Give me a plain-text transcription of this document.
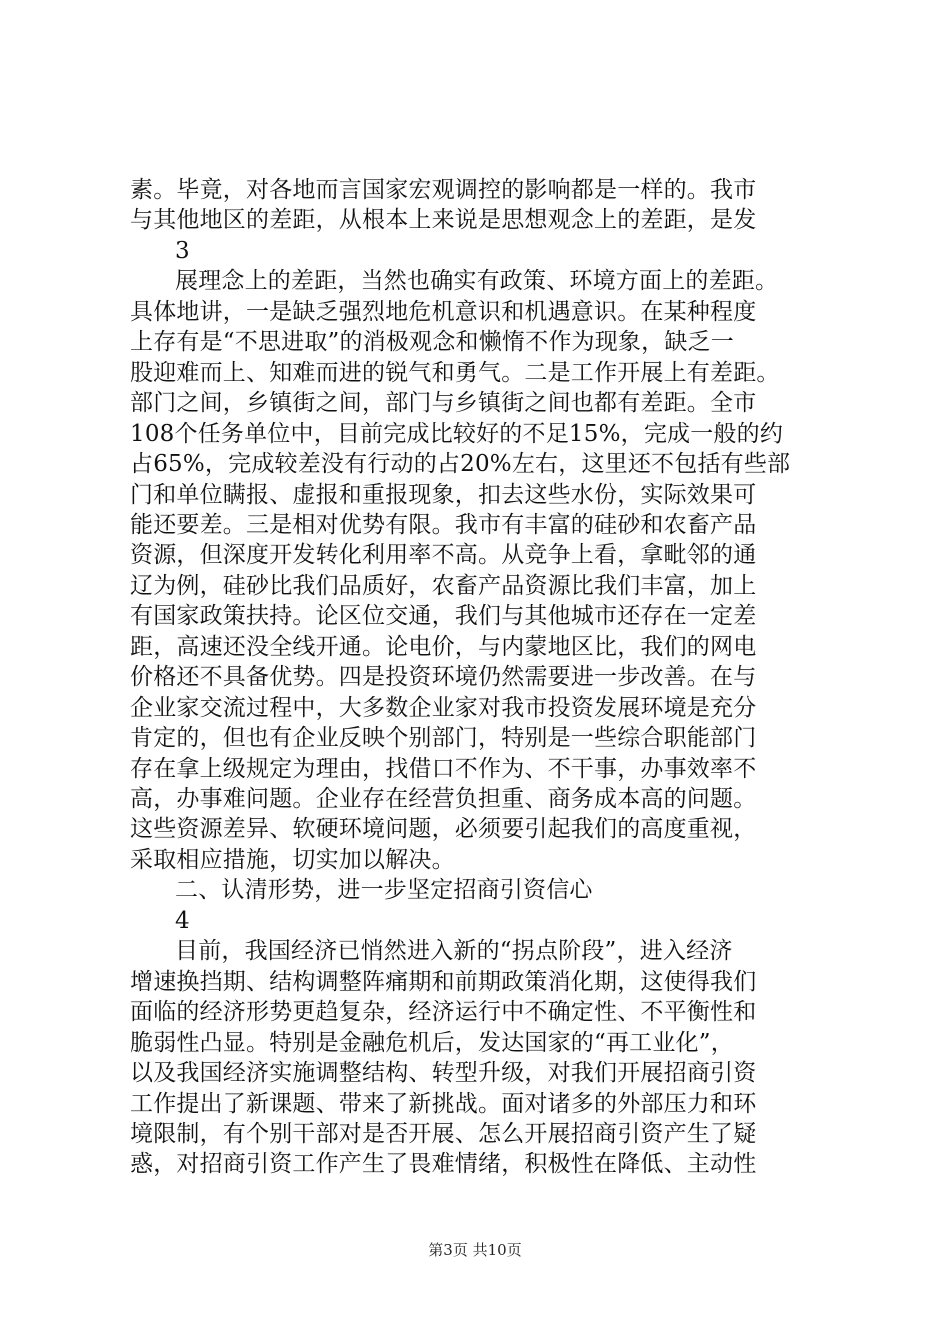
素。毕竟，对各地而言国家宏观调控的影响都是一样的。我市
与其他地区的差距，从根本上来说是思想观念上的差距，是发
3
展理念上的差距，当然也确实有政策、环境方面上的差距。
具体地讲，一是缺乏强烈地危机意识和机遇意识。在某种程度
上存有是“不思进取”的消极观念和懒惰不作为现象，缺乏一
股迎难而上、知难而进的锐气和勇气。二是工作开展上有差距。
部门之间，乡镇街之间，部门与乡镇街之间也都有差距。全市
108个任务单位中，目前完成比较好的不足15%，完成一般的约
占65%，完成较差没有行动的占20%左右，这里还不包括有些部
门和单位瞒报、虚报和重报现象，扣去这些水份，实际效果可
能还要差。三是相对优势有限。我市有丰富的硅砂和农畜产品
资源，但深度开发转化利用率不高。从竞争上看，拿毗邻的通
辽为例，硅砂比我们品质好，农畜产品资源比我们丰富，加上
有国家政策扶持。论区位交通，我们与其他城市还存在一定差
距，高速还没全线开通。论电价，与内蒙地区比，我们的网电
价格还不具备优势。四是投资环境仍然需要进一步改善。在与
企业家交流过程中，大多数企业家对我市投资发展环境是充分
肯定的，但也有企业反映个别部门，特别是一些综合职能部门
存在拿上级规定为理由，找借口不作为、不干事，办事效率不
高，办事难问题。企业存在经营负担重、商务成本高的问题。
这些资源差异、软硬环境问题，必须要引起我们的高度重视，
采取相应措施，切实加以解决。
二、认清形势，进一步坚定招商引资信心
4
目前，我国经济已悄然进入新的“拐点阶段”，进入经济
增速换挡期、结构调整阵痛期和前期政策消化期，这使得我们
面临的经济形势更趋复杂，经济运行中不确定性、不平衡性和
脆弱性凸显。特别是金融危机后，发达国家的“再工业化”，
以及我国经济实施调整结构、转型升级，对我们开展招商引资
工作提出了新课题、带来了新挑战。面对诸多的外部压力和环
境限制，有个别干部对是否开展、怎么开展招商引资产生了疑
惑，对招商引资工作产生了畏难情绪，积极性在降低、主动性
第3页 共10页
